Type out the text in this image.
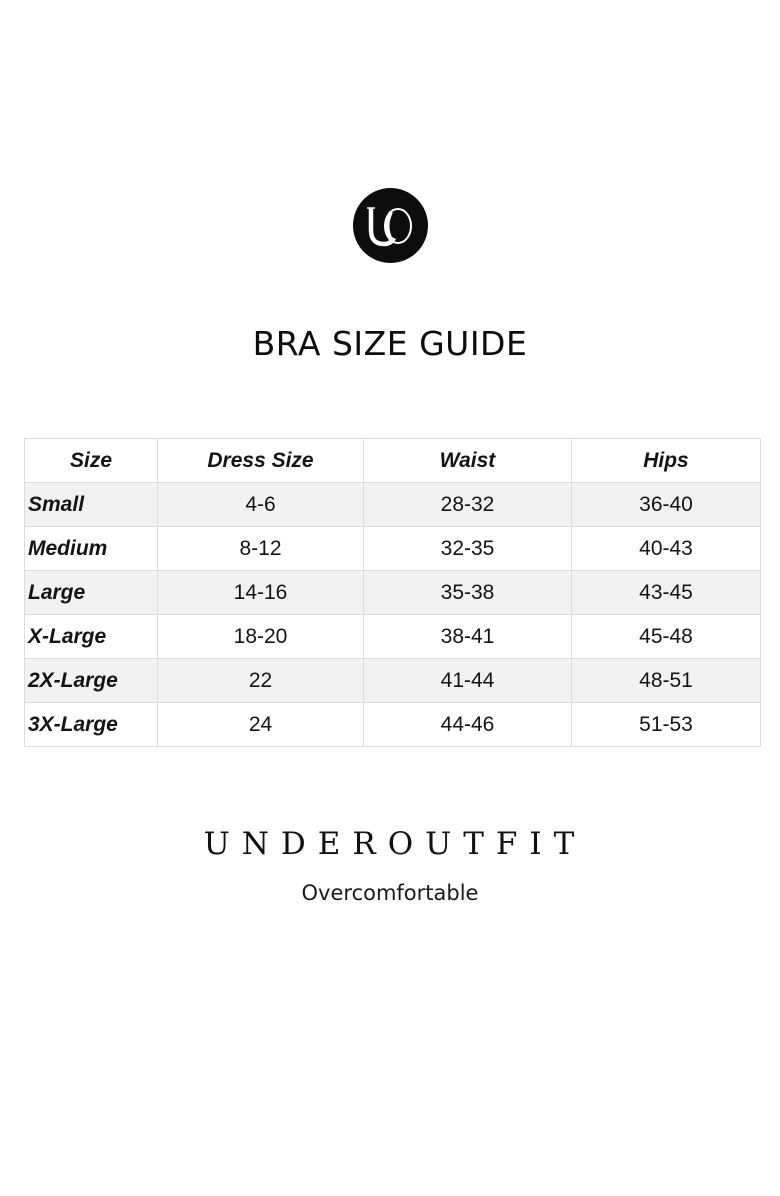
BRA SIZE GUIDE
Size	Dress Size	Waist	Hips
Small	4-6	28-32	36-40
Medium	8-12	32-35	40-43
Large	14-16	35-38	43-45
X-Large	18-20	38-41	45-48
2X-Large	22	41-44	48-51
3X-Large	24	44-46	51-53
UNDEROUTFIT
Overcomfortable
